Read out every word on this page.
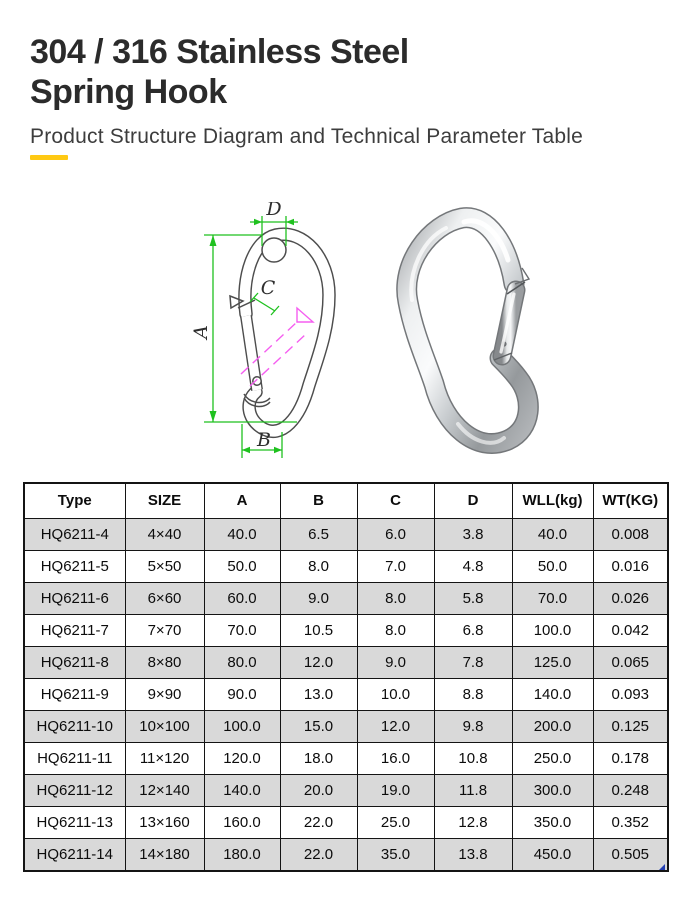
304 / 316 Stainless Steel
Spring Hook
Product Structure Diagram and Technical Parameter Table
A
D
C
B
Type	SIZE	A	B	C	D	WLL(kg)	WT(KG)
HQ6211-4	4×40	40.0	6.5	6.0	3.8	40.0	0.008
HQ6211-5	5×50	50.0	8.0	7.0	4.8	50.0	0.016
HQ6211-6	6×60	60.0	9.0	8.0	5.8	70.0	0.026
HQ6211-7	7×70	70.0	10.5	8.0	6.8	100.0	0.042
HQ6211-8	8×80	80.0	12.0	9.0	7.8	125.0	0.065
HQ6211-9	9×90	90.0	13.0	10.0	8.8	140.0	0.093
HQ6211-10	10×100	100.0	15.0	12.0	9.8	200.0	0.125
HQ6211-11	11×120	120.0	18.0	16.0	10.8	250.0	0.178
HQ6211-12	12×140	140.0	20.0	19.0	11.8	300.0	0.248
HQ6211-13	13×160	160.0	22.0	25.0	12.8	350.0	0.352
HQ6211-14	14×180	180.0	22.0	35.0	13.8	450.0	0.505
